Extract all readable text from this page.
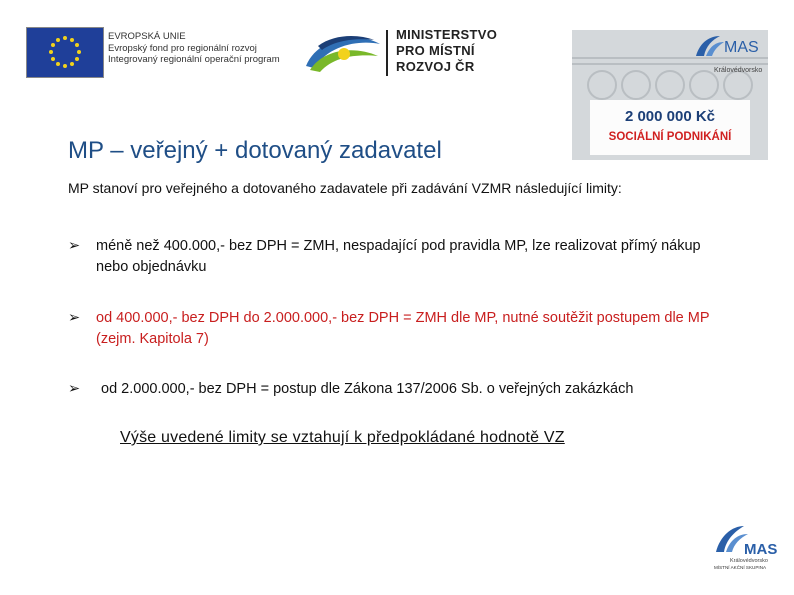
EVROPSKÁ UNIE
Evropský fond pro regionální rozvoj
Integrovaný regionální operační program
MINISTERSTVO
PRO MÍSTNÍ
ROZVOJ ČR
MAS
Královédvorsko
2 000 000 Kč
SOCIÁLNÍ PODNIKÁNÍ
MP – veřejný + dotovaný zadavatel
MP stanoví pro veřejného a dotovaného zadavatele při zadávání VZMR následující limity:
➢ méně než 400.000,- bez DPH = ZMH, nespadající pod pravidla MP, lze realizovat přímý nákup nebo objednávku
➢ od 400.000,- bez DPH do 2.000.000,- bez DPH = ZMH dle MP, nutné soutěžit postupem dle MP (zejm. Kapitola 7)
➢ od 2.000.000,- bez DPH = postup dle Zákona 137/2006 Sb. o veřejných zakázkách
Výše uvedené limity se vztahují k předpokládané hodnotě VZ
MAS
Královédvorsko
MÍSTNÍ AKČNÍ SKUPINA
